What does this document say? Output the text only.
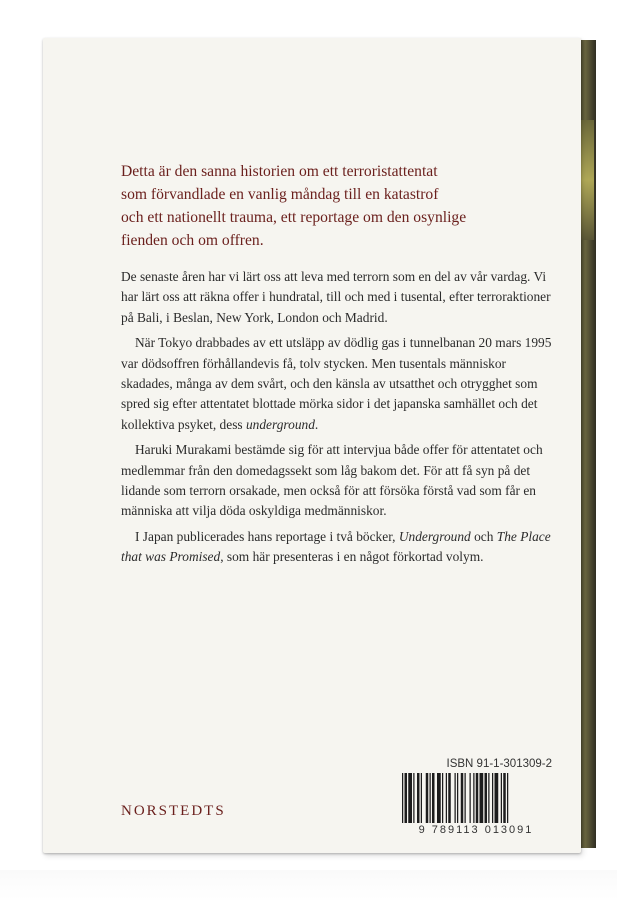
Detta är den sanna historien om ett terroristattentat
som förvandlade en vanlig måndag till en katastrof
och ett nationellt trauma, ett reportage om den osynlige
fienden och om offren.

De senaste åren har vi lärt oss att leva med terrorn som en del av vår vardag. Vi har lärt oss att räkna offer i hundratal, till och med i tusental, efter terroraktioner på Bali, i Beslan, New York, London och Madrid.

När Tokyo drabbades av ett utsläpp av dödlig gas i tunnelbanan 20 mars 1995 var dödsoffren förhållandevis få, tolv stycken. Men tusentals människor skadades, många av dem svårt, och den känsla av utsatthet och otrygghet som spred sig efter attentatet blottade mörka sidor i det japanska samhället och det kollektiva psyket, dess underground.

Haruki Murakami bestämde sig för att intervjua både offer för attentatet och medlemmar från den domedagssekt som låg bakom det. För att få syn på det lidande som terrorn orsakade, men också för att försöka förstå vad som får en människa att vilja döda oskyldiga medmänniskor.

I Japan publicerades hans reportage i två böcker, Underground och The Place that was Promised, som här presenteras i en något förkortad volym.

NORSTEDTS
ISBN 91-1-301309-2
9 789113 013091
